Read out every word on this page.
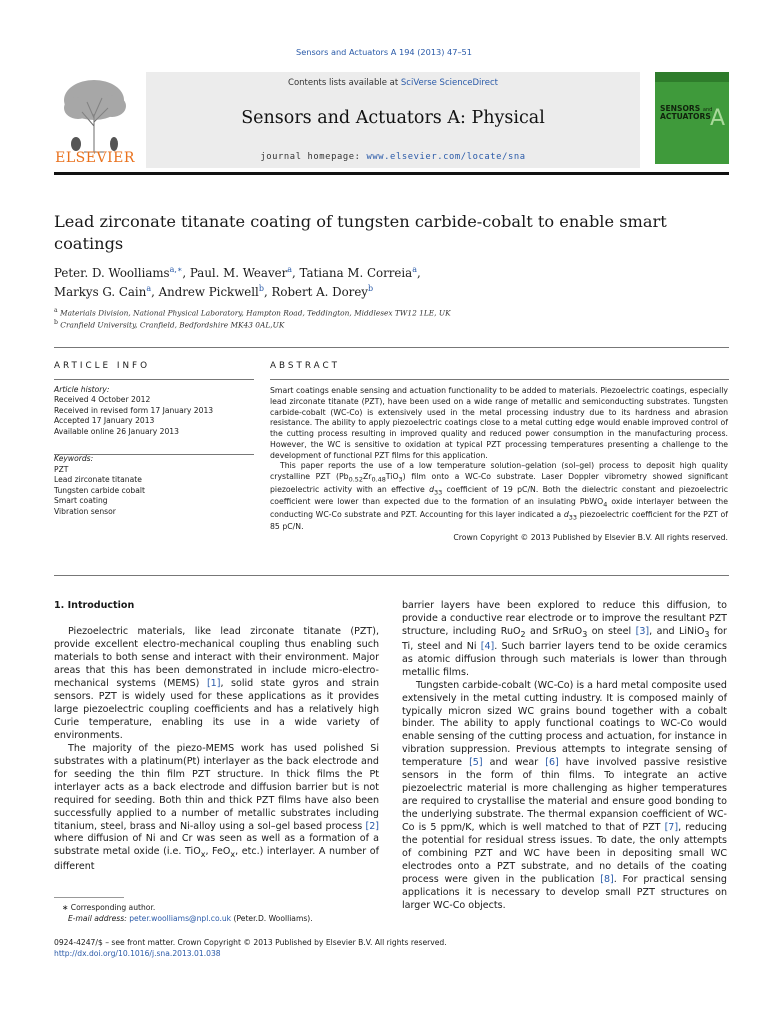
Sensors and Actuators A 194 (2013) 47–51
ELSEVIER
Contents lists available at SciVerse ScienceDirect
Sensors and Actuators A: Physical
journal homepage: www.elsevier.com/locate/sna
SENSORS and
ACTUATORS A
Lead zirconate titanate coating of tungsten carbide-cobalt to enable smart coatings
Peter. D. Woolliams$^{a,∗}$, Paul. M. Weaver$^a$, Tatiana M. Correia$^a$,
Markys G. Cain$^a$, Andrew Pickwell$^b$, Robert A. Dorey$^b$
$^a$ Materials Division, National Physical Laboratory, Hampton Road, Teddington, Middlesex TW12 1LE, UK
$^b$ Cranfield University, Cranfield, Bedfordshire MK43 0AL,UK
ARTICLE INFO	ABSTRACT
Article history:
Received 4 October 2012
Received in revised form 17 January 2013
Accepted 17 January 2013
Available online 26 January 2013
Keywords:
PZT
Lead zirconate titanate
Tungsten carbide cobalt
Smart coating
Vibration sensor

Smart coatings enable sensing and actuation functionality to be added to materials. Piezoelectric coatings, especially lead zirconate titanate (PZT), have been used on a wide range of metallic and semiconducting substrates. Tungsten carbide-cobalt (WC-Co) is extensively used in the metal processing industry due to its hardness and abrasion resistance. The ability to apply piezoelectric coatings close to a metal cutting edge would enable improved control of the cutting process resulting in improved quality and reduced power consumption in the manufacturing process. However, the WC is sensitive to oxidation at typical PZT processing temperatures presenting a challenge to the development of functional PZT films for this application.

This paper reports the use of a low temperature solution–gelation (sol–gel) process to deposit high quality crystalline PZT $(Pb_{0.52}Zr_{0.48}TiO_3)$ film onto a WC-Co substrate. Laser Doppler vibrometry showed significant piezoelectric activity with an effective $d_{33}$ coefficient of 19 pC/N. Both the dielectric constant and piezoelectric coefficient were lower than expected due to the formation of an insulating PbWO$_4$ oxide interlayer between the conducting WC-Co substrate and PZT. Accounting for this layer indicated a $d_{33}$ piezoelectric coefficient for the PZT of 85 pC/N.

Crown Copyright © 2013 Published by Elsevier B.V. All rights reserved.

1. Introduction

Piezoelectric materials, like lead zirconate titanate (PZT), provide excellent electro-mechanical coupling thus enabling such materials to both sense and interact with their environment. Major areas that this has been demonstrated in include micro-electro-mechanical systems (MEMS) [1], solid state gyros and strain sensors. PZT is widely used for these applications as it provides large piezoelectric coupling coefficients and has a relatively high Curie temperature, enabling its use in a wide variety of environments.

The majority of the piezo-MEMS work has used polished Si substrates with a platinum(Pt) interlayer as the back electrode and for seeding the thin film PZT structure. In thick films the Pt interlayer acts as a back electrode and diffusion barrier but is not required for seeding. Both thin and thick PZT films have also been successfully applied to a number of metallic substrates including titanium, steel, brass and Ni-alloy using a sol–gel based process [2] where diffusion of Ni and Cr was seen as well as a formation of a substrate metal oxide (i.e. TiO$_x$, FeO$_x$, etc.) interlayer. A number of different

barrier layers have been explored to reduce this diffusion, to provide a conductive rear electrode or to improve the resultant PZT structure, including RuO$_2$ and SrRuO$_3$ on steel [3], and LiNiO$_3$ for Ti, steel and Ni [4]. Such barrier layers tend to be oxide ceramics as atomic diffusion through such materials is lower than through metallic films.

Tungsten carbide-cobalt (WC-Co) is a hard metal composite used extensively in the metal cutting industry. It is composed mainly of typically micron sized WC grains bound together with a cobalt binder. The ability to apply functional coatings to WC-Co would enable sensing of the cutting process and actuation, for instance in vibration suppression. Previous attempts to integrate sensing of temperature [5] and wear [6] have involved passive resistive sensors in the form of thin films. To integrate an active piezoelectric material is more challenging as higher temperatures are required to crystallise the material and ensure good bonding to the underlying substrate. The thermal expansion coefficient of WC-Co is 5 ppm/K, which is well matched to that of PZT [7], reducing the potential for residual stress issues. To date, the only attempts of combining PZT and WC have been in depositing small WC electrodes onto a PZT substrate, and no details of the coating process were given in the publication [8]. For practical sensing applications it is necessary to develop small PZT structures on larger WC-Co objects.

∗ Corresponding author.
E-mail address: peter.woolliams@npl.co.uk (Peter.D. Woolliams).
0924-4247/$ – see front matter. Crown Copyright © 2013 Published by Elsevier B.V. All rights reserved.
http://dx.doi.org/10.1016/j.sna.2013.01.038
